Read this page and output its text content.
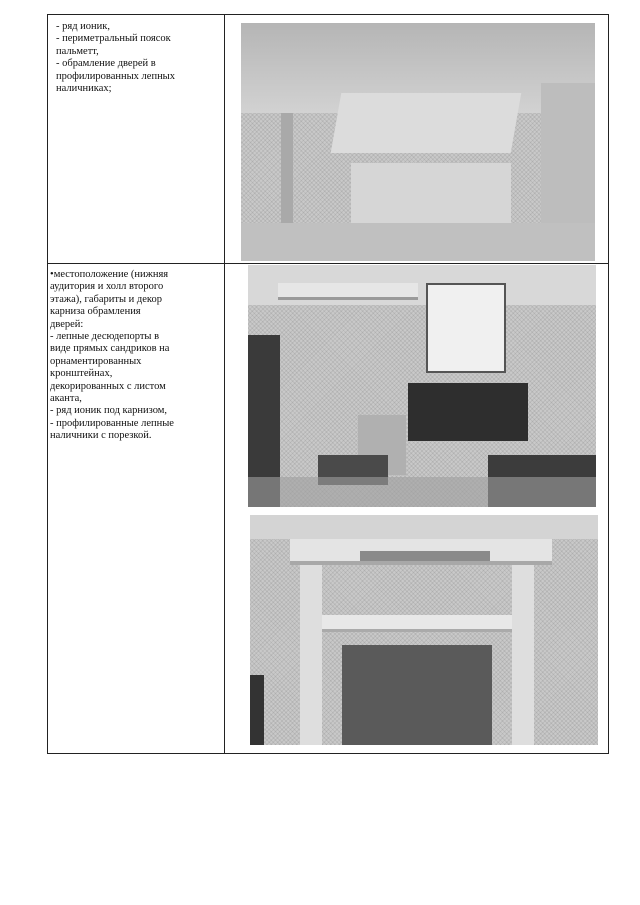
- ряд ионик,
- периметральный поясок
пальметт,
- обрамление дверей в
профилированных лепных
наличниках;
•местоположение (нижняя
аудитория и холл второго
этажа), габариты и декор
карниза обрамления
дверей:
- лепные десюдепорты в
виде прямых сандриков на
орнаментированных
кронштейнах,
декорированных с листом
аканта,
- ряд ионик под карнизом,
- профилированные лепные
наличники с порезкой.
